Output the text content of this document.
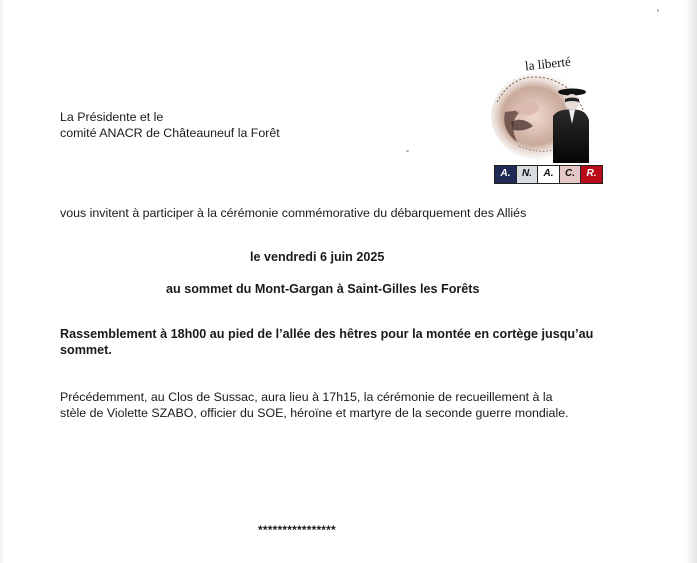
La Présidente et le
comité ANACR de Châteauneuf la Forêt
la liberté
A.	N.	A.	C.	R.
vous invitent à participer à la cérémonie commémorative du débarquement des Alliés
le vendredi 6 juin 2025
au sommet du Mont-Gargan à Saint-Gilles les Forêts
Rassemblement à 18h00 au pied de l’allée des hêtres pour la montée en cortège jusqu’au
sommet.
Précédemment, au Clos de Sussac, aura lieu à 17h15, la cérémonie de recueillement à la
stèle de Violette SZABO, officier du SOE, héroïne et martyre de la seconde guerre mondiale.
****************
